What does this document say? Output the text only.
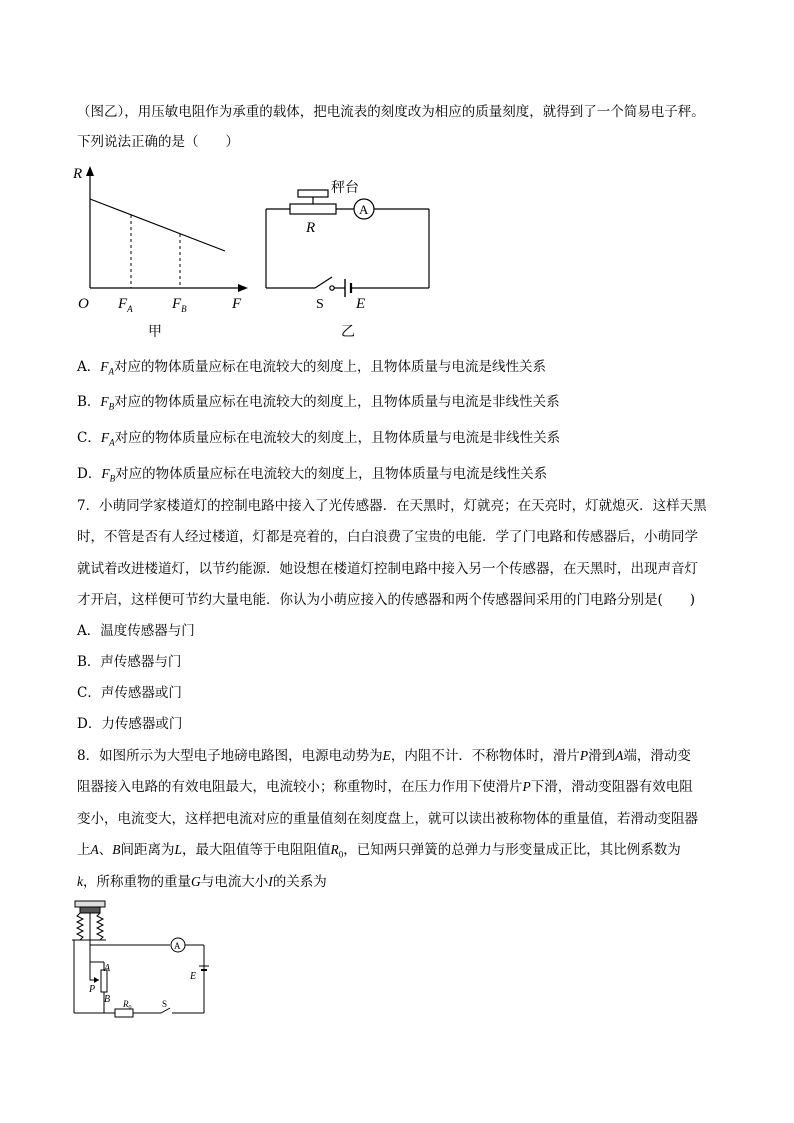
（图乙），用压敏电阻作为承重的载体，把电流表的刻度改为相应的质量刻度，就得到了一个简易电子秤。
下列说法正确的是（　　）
R
O $F_A$	$F_B$	F
甲
A
秤台
R
S E
乙
A．$F_A$对应的物体质量应标在电流较大的刻度上，且物体质量与电流是线性关系
B．$F_B$对应的物体质量应标在电流较大的刻度上，且物体质量与电流是非线性关系
C．$F_A$对应的物体质量应标在电流较大的刻度上，且物体质量与电流是非线性关系
D．$F_B$对应的物体质量应标在电流较大的刻度上，且物体质量与电流是线性关系
7．小萌同学家楼道灯的控制电路中接入了光传感器．在天黑时，灯就亮；在天亮时，灯就熄灭．这样天黑
时，不管是否有人经过楼道，灯都是亮着的，白白浪费了宝贵的电能．学了门电路和传感器后，小萌同学
就试着改进楼道灯，以节约能源．她设想在楼道灯控制电路中接入另一个传感器，在天黑时，出现声音灯
才开启，这样便可节约大量电能．你认为小萌应接入的传感器和两个传感器间采用的门电路分别是(　　)
A．温度传感器与门
B．声传感器与门
C．声传感器或门
D．力传感器或门
8．如图所示为大型电子地磅电路图，电源电动势为E，内阻不计．不称物体时，滑片P滑到A端，滑动变
阻器接入电路的有效电阻最大，电流较小；称重物时，在压力作用下使滑片P下滑，滑动变阻器有效电阻
变小，电流变大，这样把电流对应的重量值刻在刻度盘上，就可以读出被称物体的重量值，若滑动变阻器
上A、B间距离为L，最大阻值等于电阻阻值$R_0$，已知两只弹簧的总弹力与形变量成正比，其比例系数为
k，所称重物的重量G与电流大小I的关系为
A
A
P
B
E
$R_0$	S
